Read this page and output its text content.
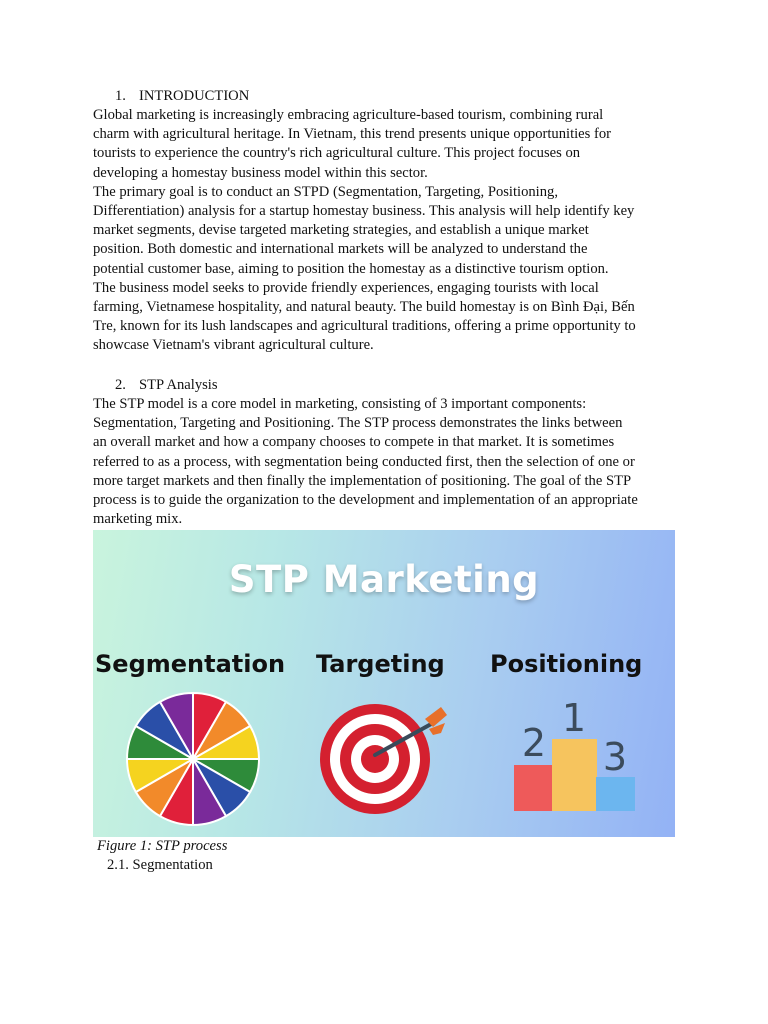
1. INTRODUCTION
Global marketing is increasingly embracing agriculture-based tourism, combining rural
charm with agricultural heritage. In Vietnam, this trend presents unique opportunities for
tourists to experience the country's rich agricultural culture. This project focuses on
developing a homestay business model within this sector.
The primary goal is to conduct an STPD (Segmentation, Targeting, Positioning,
Differentiation) analysis for a startup homestay business. This analysis will help identify key
market segments, devise targeted marketing strategies, and establish a unique market
position. Both domestic and international markets will be analyzed to understand the
potential customer base, aiming to position the homestay as a distinctive tourism option.
The business model seeks to provide friendly experiences, engaging tourists with local
farming, Vietnamese hospitality, and natural beauty. The build homestay is on Bình Đại, Bến
Tre, known for its lush landscapes and agricultural traditions, offering a prime opportunity to
showcase Vietnam's vibrant agricultural culture.
2. STP Analysis
The STP model is a core model in marketing, consisting of 3 important components:
Segmentation, Targeting and Positioning. The STP process demonstrates the links between
an overall market and how a company chooses to compete in that market. It is sometimes
referred to as a process, with segmentation being conducted first, then the selection of one or
more target markets and then finally the implementation of positioning. The goal of the STP
process is to guide the organization to the development and implementation of an appropriate
marketing mix.
STP Marketing
Segmentation Targeting Positioning
2
1
3
Figure 1: STP process
2.1. Segmentation
